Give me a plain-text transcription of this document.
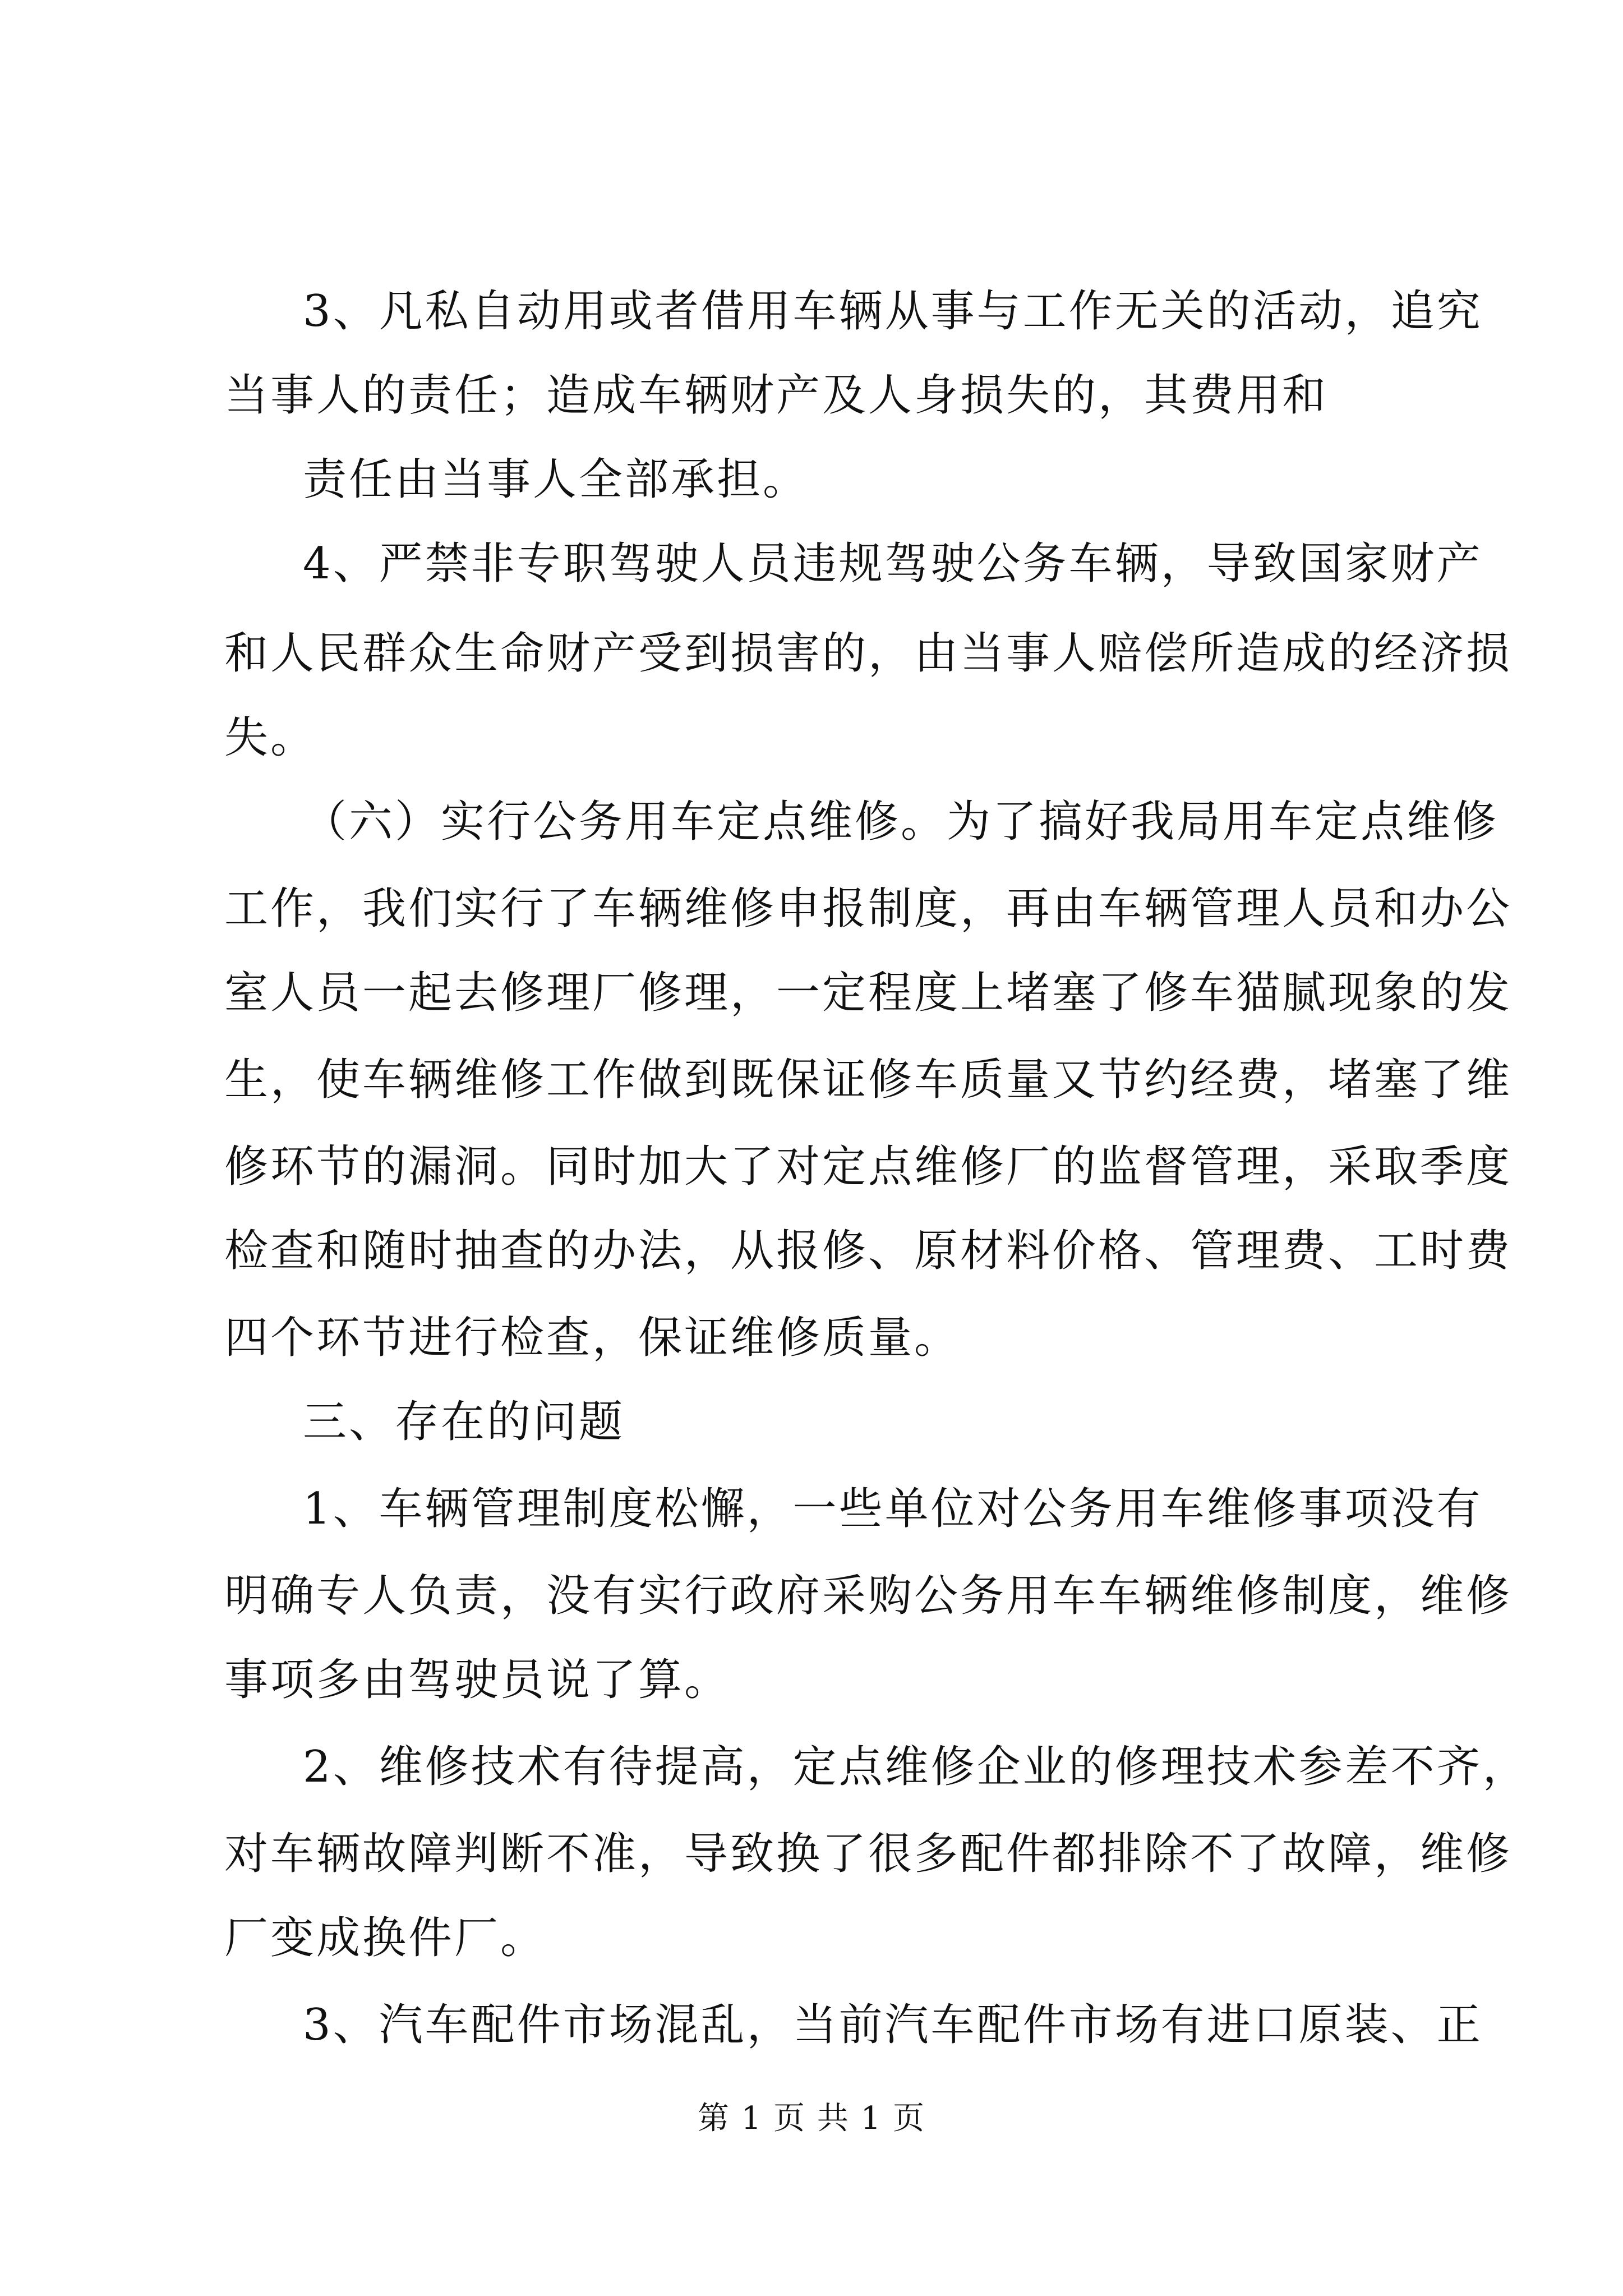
3、凡私自动用或者借用车辆从事与工作无关的活动，追究
当事人的责任；造成车辆财产及人身损失的，其费用和
责任由当事人全部承担。
4、严禁非专职驾驶人员违规驾驶公务车辆，导致国家财产
和人民群众生命财产受到损害的，由当事人赔偿所造成的经济损
失。
（六）实行公务用车定点维修。为了搞好我局用车定点维修
工作，我们实行了车辆维修申报制度，再由车辆管理人员和办公
室人员一起去修理厂修理，一定程度上堵塞了修车猫腻现象的发
生，使车辆维修工作做到既保证修车质量又节约经费，堵塞了维
修环节的漏洞。同时加大了对定点维修厂的监督管理，采取季度
检查和随时抽查的办法，从报修、原材料价格、管理费、工时费
四个环节进行检查，保证维修质量。
三、存在的问题
1、车辆管理制度松懈，一些单位对公务用车维修事项没有
明确专人负责，没有实行政府采购公务用车车辆维修制度，维修
事项多由驾驶员说了算。
2、维修技术有待提高，定点维修企业的修理技术参差不齐，
对车辆故障判断不准，导致换了很多配件都排除不了故障，维修
厂变成换件厂。
3、汽车配件市场混乱，当前汽车配件市场有进口原装、正
第 1 页 共 1 页
